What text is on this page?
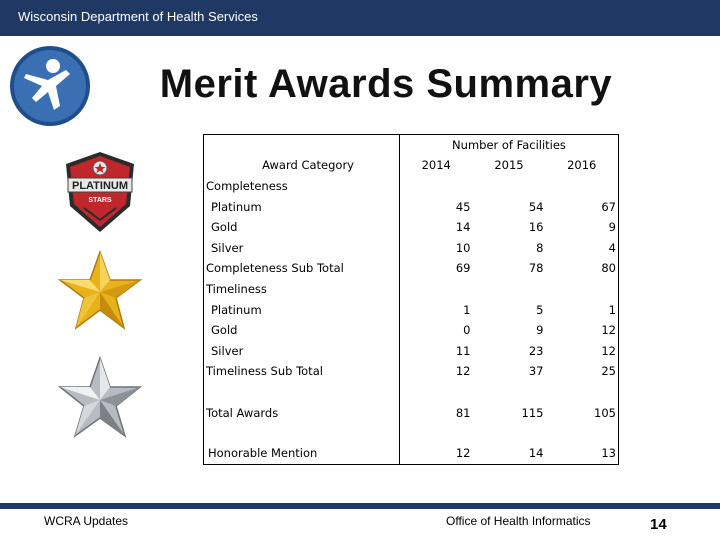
Wisconsin Department of Health Services
Merit Awards Summary
PLATINUM
STARS
	Number of Facilities		
Award Category	2014	2015	2016
Completeness			
Platinum	45	54	67
Gold	14	16	9
Silver	10	8	4
Completeness Sub Total	69	78	80
Timeliness			
Platinum	1	5	1
Gold	0	9	12
Silver	11	23	12
Timeliness Sub Total	12	37	25

Total Awards	81	115	105

Honorable Mention	12	14	13
WCRA Updates	Office of Health Informatics	14
